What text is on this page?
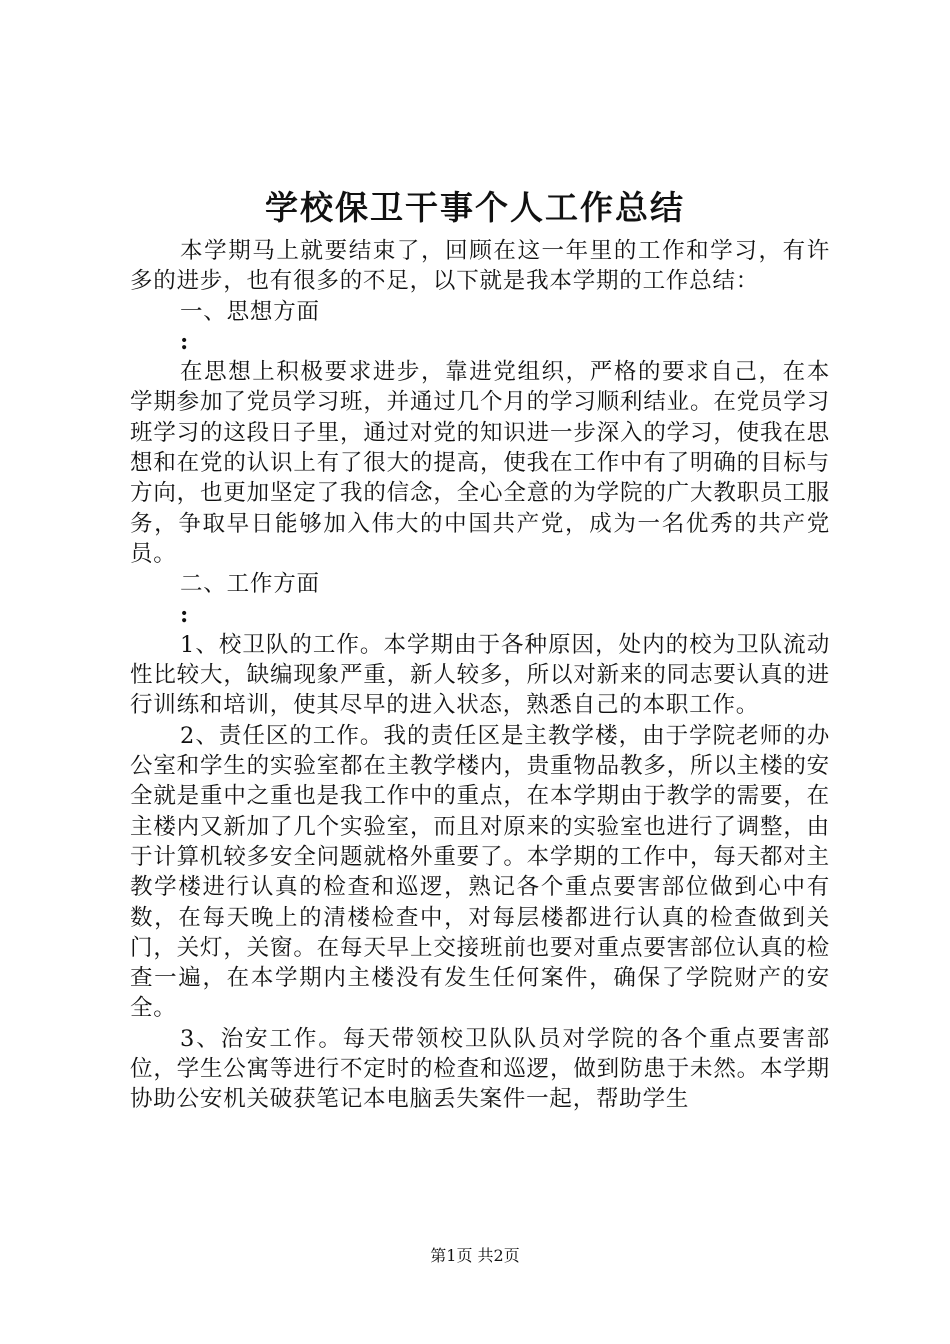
学校保卫干事个人工作总结

本学期马上就要结束了，回顾在这一年里的工作和学习，有许多的进步，也有很多的不足，以下就是我本学期的工作总结：

一、思想方面

:

在思想上积极要求进步，靠进党组织，严格的要求自己，在本学期参加了党员学习班，并通过几个月的学习顺利结业。在党员学习班学习的这段日子里，通过对党的知识进一步深入的学习，使我在思想和在党的认识上有了很大的提高，使我在工作中有了明确的目标与方向，也更加坚定了我的信念，全心全意的为学院的广大教职员工服务，争取早日能够加入伟大的中国共产党，成为一名优秀的共产党员。

二、工作方面

:

1、校卫队的工作。本学期由于各种原因，处内的校为卫队流动性比较大，缺编现象严重，新人较多，所以对新来的同志要认真的进行训练和培训，使其尽早的进入状态，熟悉自己的本职工作。

2、责任区的工作。我的责任区是主教学楼，由于学院老师的办公室和学生的实验室都在主教学楼内，贵重物品教多，所以主楼的安全就是重中之重也是我工作中的重点，在本学期由于教学的需要，在主楼内又新加了几个实验室，而且对原来的实验室也进行了调整，由于计算机较多安全问题就格外重要了。本学期的工作中，每天都对主教学楼进行认真的检查和巡逻，熟记各个重点要害部位做到心中有数，在每天晚上的清楼检查中，对每层楼都进行认真的检查做到关门，关灯，关窗。在每天早上交接班前也要对重点要害部位认真的检查一遍，在本学期内主楼没有发生任何案件，确保了学院财产的安全。

3、治安工作。每天带领校卫队队员对学院的各个重点要害部位，学生公寓等进行不定时的检查和巡逻，做到防患于未然。本学期协助公安机关破获笔记本电脑丢失案件一起，帮助学生

第1页 共2页
